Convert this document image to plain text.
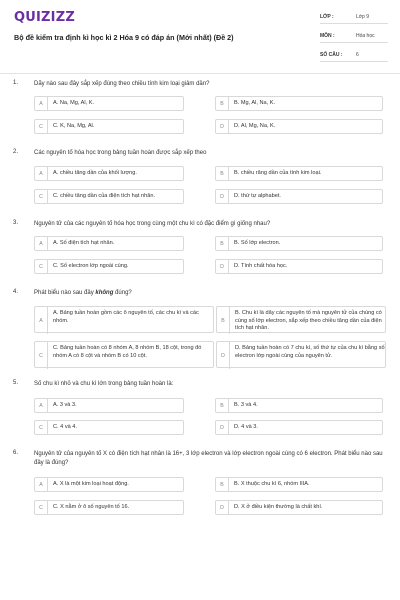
QUIZIZZ
Bộ đề kiểm tra định kì học kì 2 Hóa 9 có đáp án (Mới nhất) (Đề 2)
LỚP :	Lớp 9
MÔN :	Hóa học
SỐ CÂU :	6
1.	Dãy nào sau đây sắp xếp đúng theo chiều tính kim loại giảm dần?
A	A. Na, Mg, Al, K.	B	B. Mg, Al, Na, K.
C	C. K, Na, Mg, Al.	D	D. Al, Mg, Na, K.
2.	Các nguyên tố hóa học trong bảng tuần hoàn được sắp xếp theo
A	A. chiều tăng dần của khối lượng.	B	B. chiều răng dần của tính kim loại.
C	C. chiều tăng dần của điện tích hạt nhân.	D	D. thứ tự alphabet.
3.	Nguyên tử của các nguyên tố hóa học trong cùng một chu kì có đặc điểm gì giống nhau?
A	A. Số điện tích hạt nhân.	B	B. Số lớp electron.
C	C. Số electron lớp ngoài cùng.	D	D. Tính chất hóa học.
4.	Phát biểu nào sau đây không đúng?
A
A. Bảng tuần hoàn gồm các ô nguyên tố, các chu kì và các nhóm.	B
B. Chu kì là dãy các nguyên tố mà nguyên tử của chúng có cùng số lớp electron, sắp xếp theo chiều tăng dần của điện tích hạt nhân.
C
C. Bảng tuần hoàn có 8 nhóm A, 8 nhóm B, 18 cột, trong đó nhóm A có 8 cột và nhóm B có 10 cột.	D
D. Bảng tuần hoàn có 7 chu kì, số thứ tự của chu kì bằng số electron lớp ngoài cùng của nguyên tử.
5.	Số chu kì nhỏ và chu kì lớn trong bảng tuần hoàn là:
A	A. 3 và 3.	B	B. 3 và 4.
C	C. 4 và 4.	D	D. 4 và 3.
6.	Nguyên tử của nguyên tố X có điện tích hạt nhân là 16+, 3 lớp electron và lớp electron ngoài cùng có 6 electron. Phát biểu nào sau đây là đúng?
A	A. X là một kim loại hoạt động.	B	B. X thuộc chu kì 6, nhóm IIIA.
C	C. X nằm ở ô số nguyên tố 16.	D	D. X ở điều kiện thường là chất khí.
